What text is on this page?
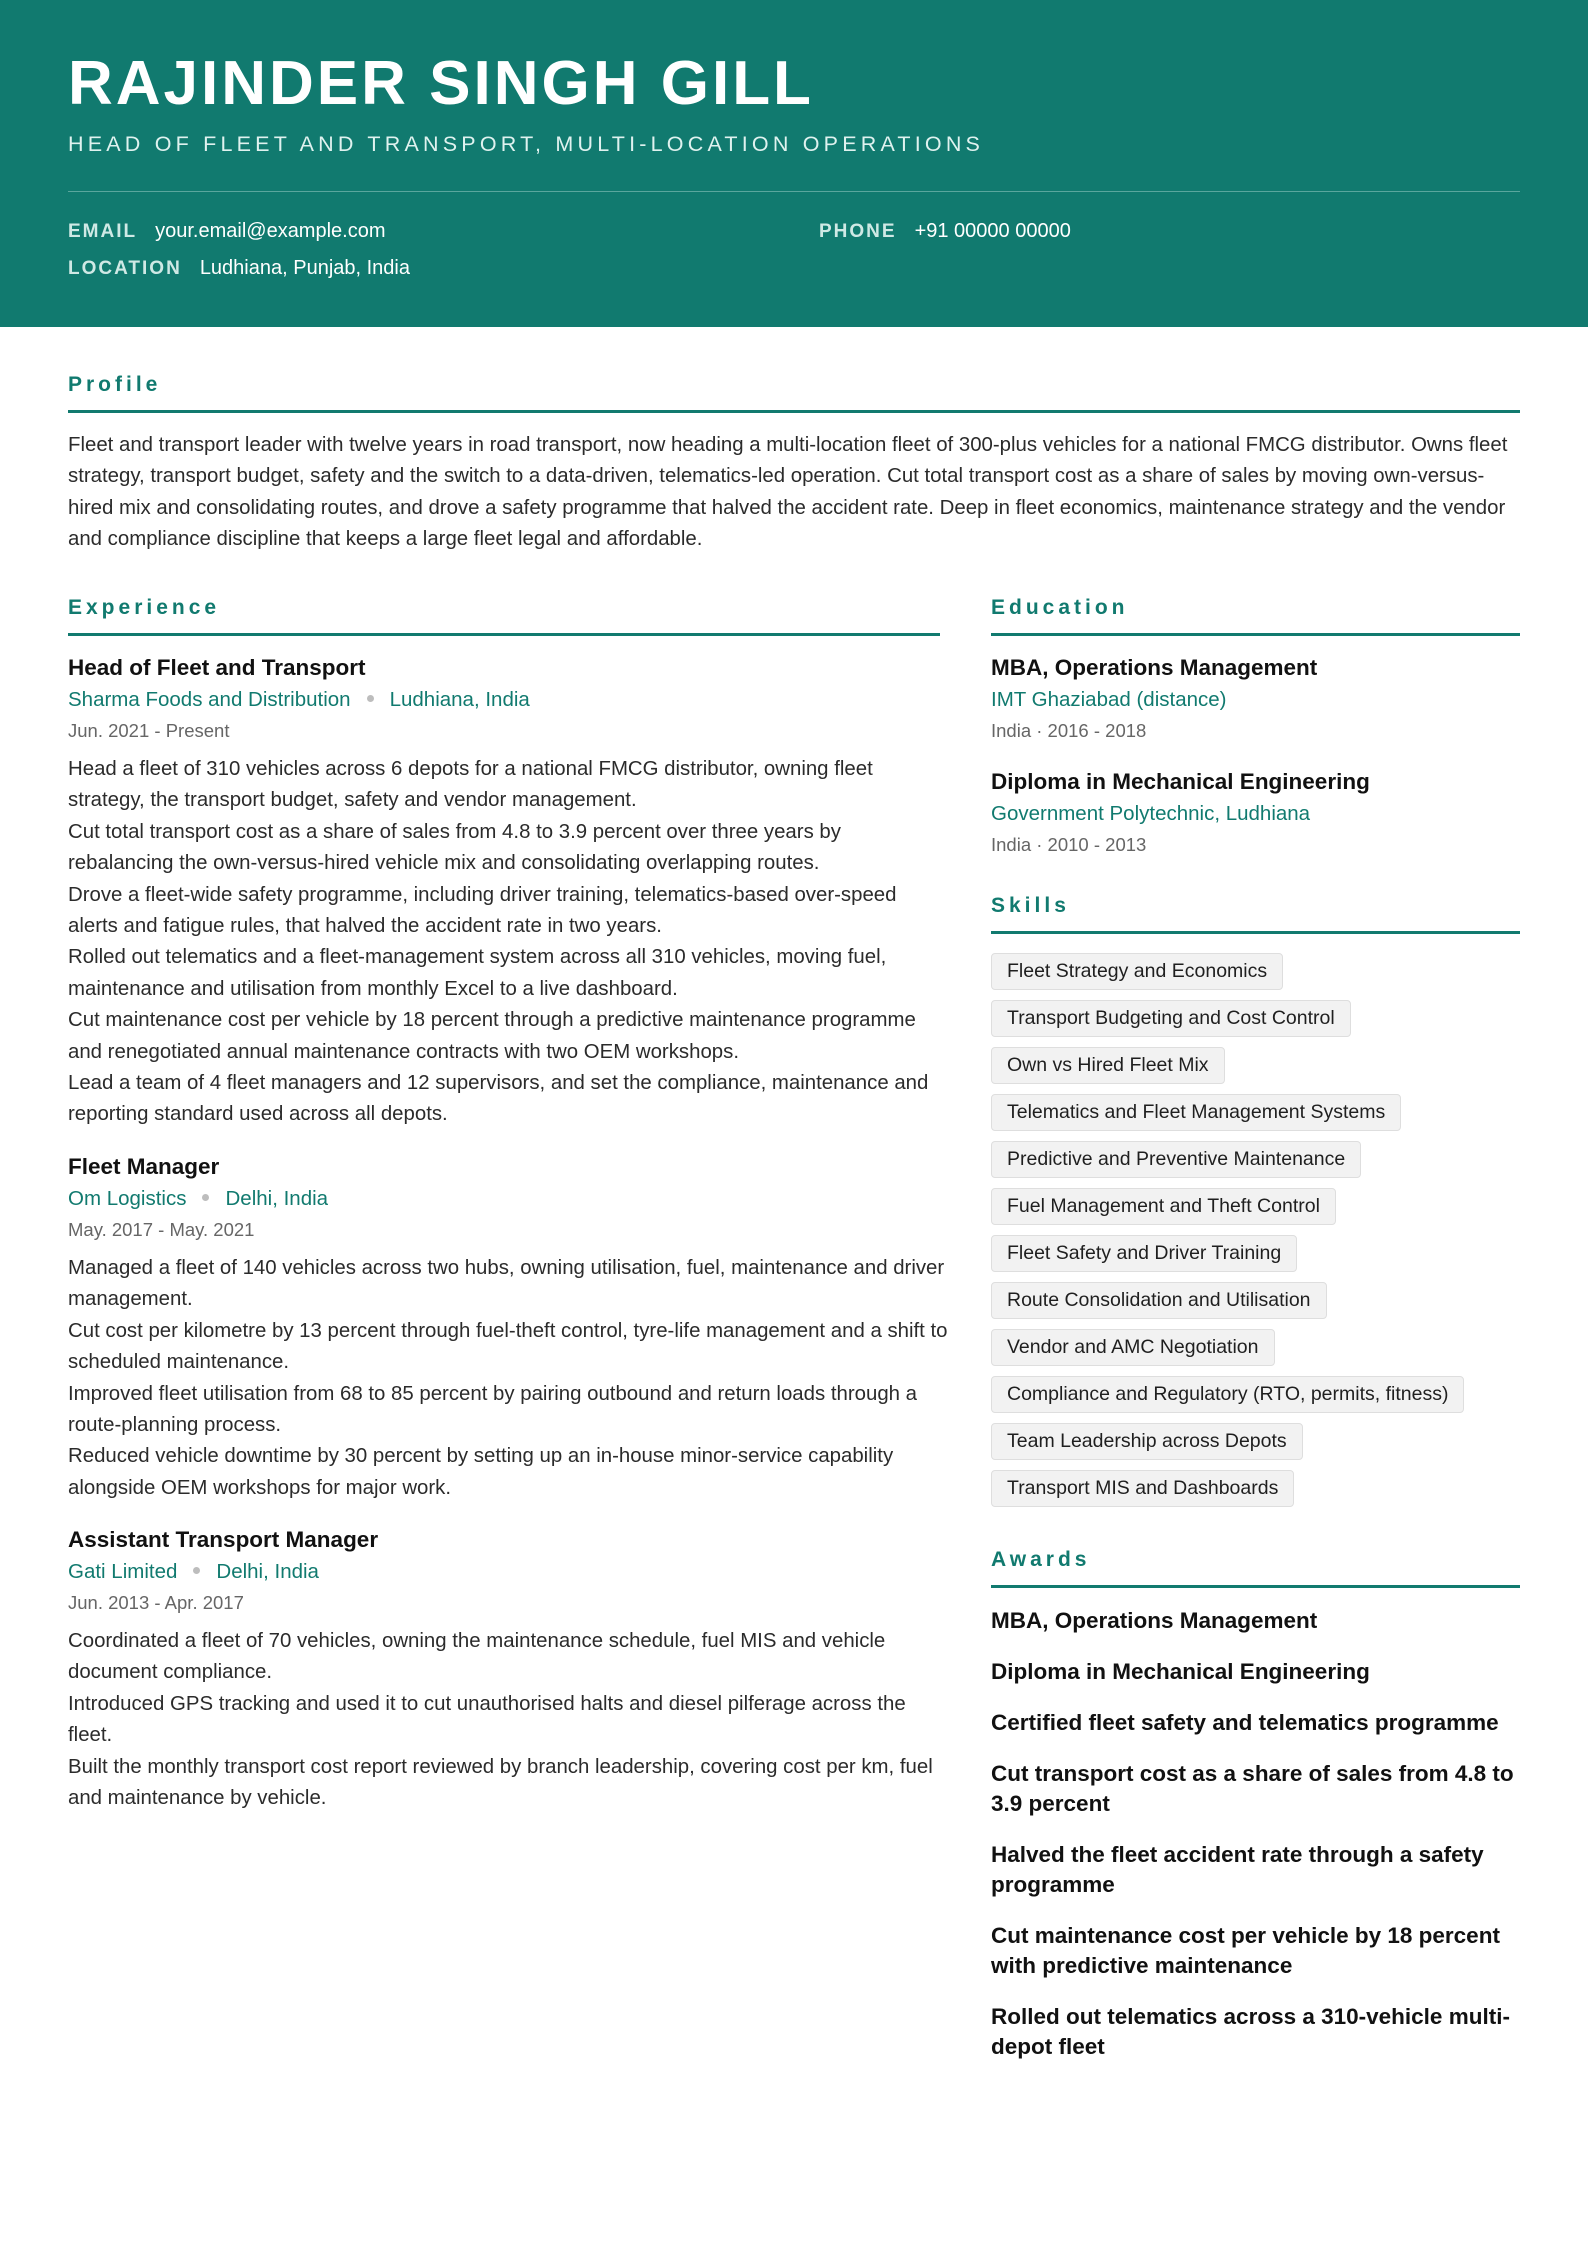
RAJINDER SINGH GILL
HEAD OF FLEET AND TRANSPORT, MULTI-LOCATION OPERATIONS
EMAIL your.email@example.com	PHONE +91 00000 00000
LOCATION Ludhiana, Punjab, India
Profile
Fleet and transport leader with twelve years in road transport, now heading a multi-location fleet of 300-plus vehicles for a national FMCG distributor. Owns fleet strategy, transport budget, safety and the switch to a data-driven, telematics-led operation. Cut total transport cost as a share of sales by moving own-versus-hired mix and consolidating routes, and drove a safety programme that halved the accident rate. Deep in fleet economics, maintenance strategy and the vendor and compliance discipline that keeps a large fleet legal and affordable.
Experience
Head of Fleet and Transport
Sharma Foods and Distribution Ludhiana, India
Jun. 2021 - Present
Head a fleet of 310 vehicles across 6 depots for a national FMCG distributor, owning fleet strategy, the transport budget, safety and vendor management.
Cut total transport cost as a share of sales from 4.8 to 3.9 percent over three years by rebalancing the own-versus-hired vehicle mix and consolidating overlapping routes.
Drove a fleet-wide safety programme, including driver training, telematics-based over-speed alerts and fatigue rules, that halved the accident rate in two years.
Rolled out telematics and a fleet-management system across all 310 vehicles, moving fuel, maintenance and utilisation from monthly Excel to a live dashboard.
Cut maintenance cost per vehicle by 18 percent through a predictive maintenance programme and renegotiated annual maintenance contracts with two OEM workshops.
Lead a team of 4 fleet managers and 12 supervisors, and set the compliance, maintenance and reporting standard used across all depots.
Fleet Manager
Om Logistics Delhi, India
May. 2017 - May. 2021
Managed a fleet of 140 vehicles across two hubs, owning utilisation, fuel, maintenance and driver management.
Cut cost per kilometre by 13 percent through fuel-theft control, tyre-life management and a shift to scheduled maintenance.
Improved fleet utilisation from 68 to 85 percent by pairing outbound and return loads through a route-planning process.
Reduced vehicle downtime by 30 percent by setting up an in-house minor-service capability alongside OEM workshops for major work.
Assistant Transport Manager
Gati Limited Delhi, India
Jun. 2013 - Apr. 2017
Coordinated a fleet of 70 vehicles, owning the maintenance schedule, fuel MIS and vehicle document compliance.
Introduced GPS tracking and used it to cut unauthorised halts and diesel pilferage across the fleet.
Built the monthly transport cost report reviewed by branch leadership, covering cost per km, fuel and maintenance by vehicle.
Education
MBA, Operations Management
IMT Ghaziabad (distance)
India · 2016 - 2018
Diploma in Mechanical Engineering
Government Polytechnic, Ludhiana
India · 2010 - 2013
Skills
Fleet Strategy and Economics
Transport Budgeting and Cost Control
Own vs Hired Fleet Mix
Telematics and Fleet Management Systems
Predictive and Preventive Maintenance
Fuel Management and Theft Control
Fleet Safety and Driver Training
Route Consolidation and Utilisation
Vendor and AMC Negotiation
Compliance and Regulatory (RTO, permits, fitness)
Team Leadership across Depots
Transport MIS and Dashboards
Awards
MBA, Operations Management
Diploma in Mechanical Engineering
Certified fleet safety and telematics programme
Cut transport cost as a share of sales from 4.8 to 3.9 percent
Halved the fleet accident rate through a safety programme
Cut maintenance cost per vehicle by 18 percent with predictive maintenance
Rolled out telematics across a 310-vehicle multi-depot fleet
